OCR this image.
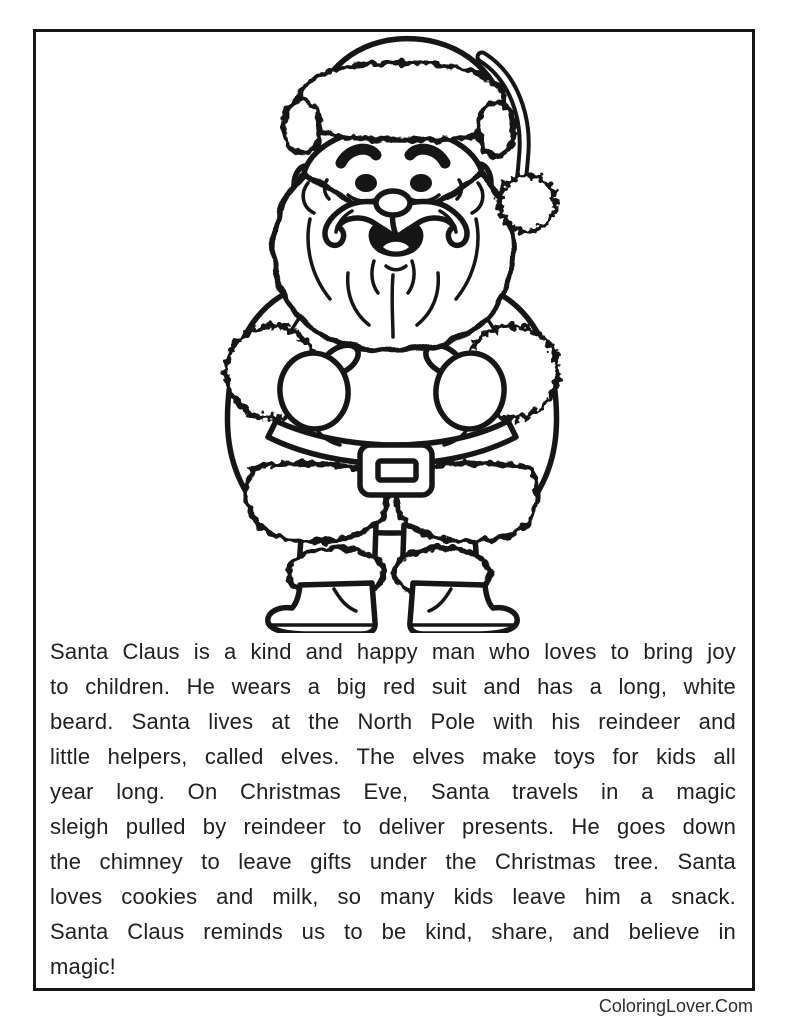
Santa Claus is a kind and happy man who loves to bring joy
to children. He wears a big red suit and has a long, white
beard. Santa lives at the North Pole with his reindeer and
little helpers, called elves. The elves make toys for kids all
year long. On Christmas Eve, Santa travels in a magic
sleigh pulled by reindeer to deliver presents. He goes down
the chimney to leave gifts under the Christmas tree. Santa
loves cookies and milk, so many kids leave him a snack.
Santa Claus reminds us to be kind, share, and believe in
magic!
ColoringLover.Com
